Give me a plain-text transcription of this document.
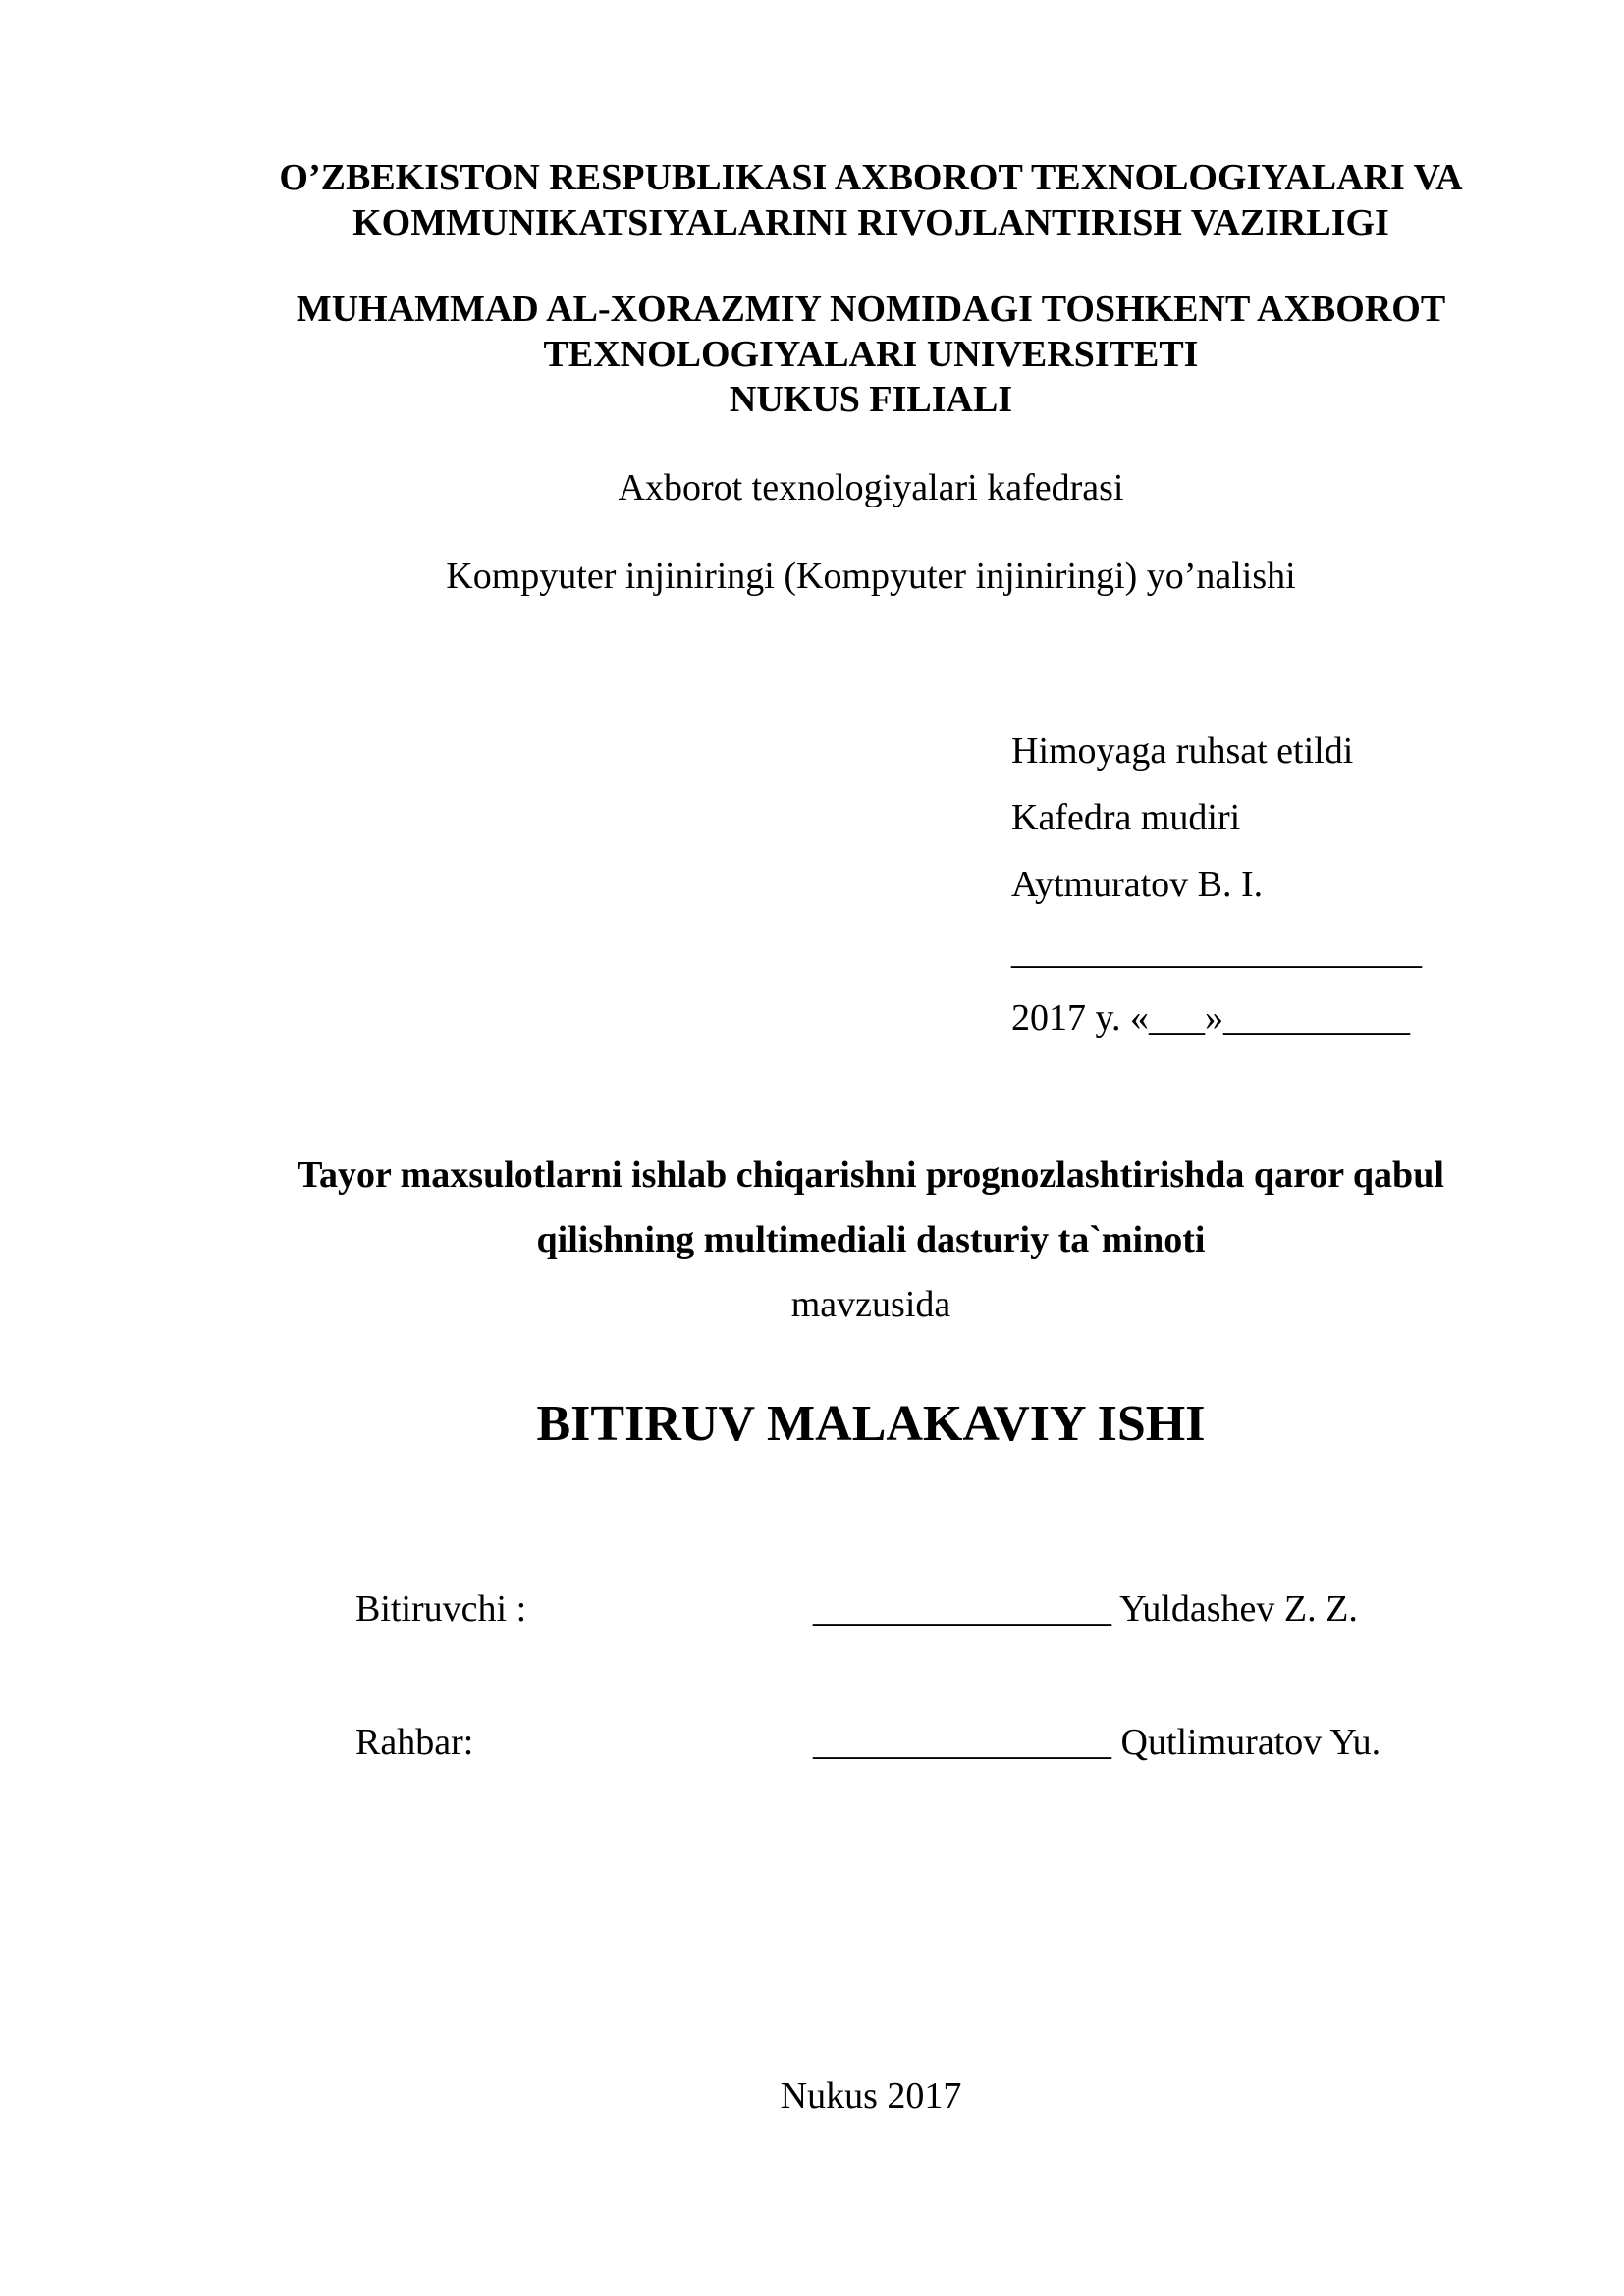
O’ZBEKISTON RESPUBLIKASI AXBOROT TEXNOLOGIYALARI VA
KOMMUNIKATSIYALARINI RIVOJLANTIRISH VAZIRLIGI
MUHAMMAD AL-XORAZMIY NOMIDAGI TOSHKENT AXBOROT
TEXNOLOGIYALARI UNIVERSITETI
NUKUS FILIALI
Axborot texnologiyalari kafedrasi
Kompyuter injiniringi (Kompyuter injiniringi) yo’nalishi
Himoyaga ruhsat etildi
Kafedra mudiri
Aytmuratov B. I.
______________________
2017 y. «___»__________
Tayor maxsulotlarni ishlab chiqarishni prognozlashtirishda qaror qabul
qilishning multimediali dasturiy ta`minoti
mavzusida
BITIRUV MALAKAVIY ISHI
Bitiruvchi :	________________ Yuldashev Z. Z.
Rahbar:	________________ Qutlimuratov Yu.
Nukus 2017
